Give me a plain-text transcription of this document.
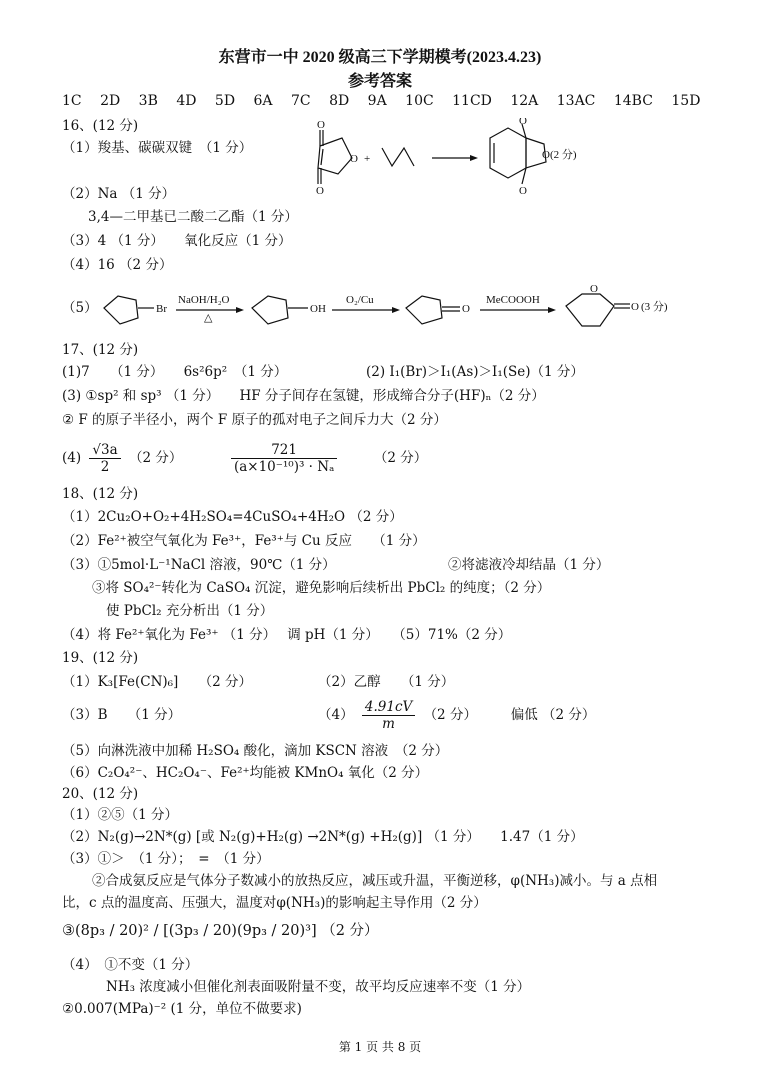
东营市一中 2020 级高三下学期模考(2023.4.23)
参考答案
1C 2D 3B 4D 5D 6A 7C 8D 9A 10C 11CD 12A 13AC 14BC 15D
16、(12 分)
（1）羧基、碳碳双键　（1 分）
O
O
O
+
O
O
O
(2 分)
（2）Na （1 分）
3,4—二甲基已二酸二乙酯（1 分）
（3）4 （1 分）　　氧化反应（1 分）
（4）16 （2 分）
（5）	Br
NaOH/H₂O
△
OH
O₂/Cu
O
MeCOOOH
O
O (3 分)
17、(12 分)
(1)7　　（1 分）　　6s²6p²　（1 分）	(2) I₁(Br)＞I₁(As)＞I₁(Se)（1 分）
(3) ①sp² 和 sp³ （1 分）　　HF 分子间存在氢键，形成缔合分子(HF)ₙ（2 分）
② F 的原子半径小，两个 F 原子的孤对电子之间斥力大（2 分）
$(4) \frac{√3a}{2} (2$ 分）	$\frac{721}{\text{(a×10⁻¹⁰)³ · Nₐ}}$	（2 分）
18、(12 分)
（1）2Cu₂O+O₂+4H₂SO₄=4CuSO₄+4H₂O （2 分）
（2）Fe²⁺被空气氧化为 Fe³⁺，Fe³⁺与 Cu 反应　　（1 分）
（3）①5mol·L⁻¹NaCl 溶液，90℃（1 分）	②将滤液冷却结晶（1 分）
③将 SO₄²⁻转化为 CaSO₄ 沉淀，避免影响后续析出 PbCl₂ 的纯度；（2 分）
使 PbCl₂ 充分析出（1 分）
（4）将 Fe²⁺氧化为 Fe³⁺ （1 分）　 调 pH（1 分）　　（5）71%（2 分）
19、(12 分)
（1）K₃[Fe(CN)₆]　　（2 分）	（2）乙醇　　（1 分）
（3）B　　（1 分）	$(4) \frac{4.91cV}{m} (2$ 分）　　　偏低 （2 分）
（5）向淋洗液中加稀 H₂SO₄ 酸化，滴加 KSCN 溶液　（2 分）
（6）C₂O₄²⁻、HC₂O₄⁻、Fe²⁺均能被 KMnO₄ 氧化（2 分）
20、(12 分)
（1）②⑤（1 分）
（2）N₂(g)→2N*(g) [或 N₂(g)+H₂(g) →2N*(g) +H₂(g)] （1 分）　　1.47（1 分）
（3）①＞　（1 分）；　=　（1 分）
②合成氨反应是气体分子数减小的放热反应，减压或升温，平衡逆移，φ(NH₃)减小。与 a 点相
比，c 点的温度高、压强大，温度对φ(NH₃)的影响起主导作用（2 分）
③(8p₃ / 20)² / [(3p₃ / 20)(9p₃ / 20)³] （2 分）
（4）　①不变（1 分）
NH₃ 浓度减小但催化剂表面吸附量不变，故平均反应速率不变（1 分）
②0.007(MPa)⁻² (1 分，单位不做要求)
第 1 页 共 8 页
